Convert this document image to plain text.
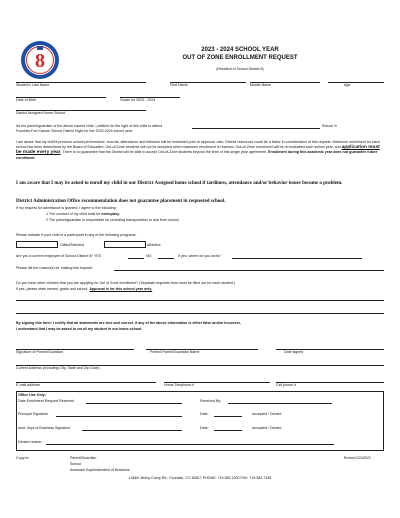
8	2023 - 2024 SCHOOL YEAR
OUT OF ZONE ENROLLMENT REQUEST
(Resident of School District 8)
Student's Last Name	First Name	Middle Name	Age
Date of Birth	Grade for 2023 - 2024
District Assigned Home School
As the parent/guardian of the above named child, I petition for the right of this child to attend	School in
Fountain-Fort Carson School District Eight for the 2023-2024 school year.
I am aware that my child's previous school performance, records, attendance and behavior will be examined prior to approval. Also, District resources could be a factor in consideration of this request. Maximum enrollment for each school has been determined by the Board of Education. Out-of-Zone students will not be accepted when maximum enrollment is reached. Out-of-Zone enrollment will be re-evaluated each school year, and application must be made every year. There is no guarantee that the District will be able to accept Out-of-Zone students beyond the term of this single year agreement. Enrollment during this academic year does not guarantee future enrollment.
I am aware that I may be asked to enroll my child in our District Assigned home school if tardiness, attendance and/or behavior issues become a problem.
District Administration Office recommendation does not guarantee placement in requested school.
If my request for admittance is granted, I agree to the following:
1 The conduct of my child shall be exemplary.
2 The parent/guardian is responsible for providing transportation to and from school.
Please indicate if your child is a participant in any of the following programs:
Gifted/Talented	Athletics
Are you a current employee of School District 8? YES	NO	If yes, where do you work?
Please list the reason(s) for making this request:
Do you have other children that you are applying for Out of Zone enrollment? (Separate requests form must be filled out for each student.)
If yes, please state names, grade and school. Approval is for this school year only.
By signing this form: I certify that all statements are true and correct. If any of the above information is either false and/or incorrect,
I understand that I may be asked to enroll my student in our home school.
Signature of Parent/Guardian	Printed Parent/Guardian Name	Date signed
Current Address (Including City, State and Zip Code)
E-mail address	Home Telephone #	Cell phone #
Office Use Only:
Date Enrollment Request Received	Received By:
Principal Signature	Date:	Accepted / Denied
Asst. Supt of Business Signature	Date:	Accepted / Denied
Denied reason:
Copy to:	Parent/Guardian
School
Assistant Superintendent of Business
Revised 2/24/2023
10665 Jimmy Camp Rd., Fountain, CO 80817 PHONE: 719.382.1300 FAX: 719.382.7338
